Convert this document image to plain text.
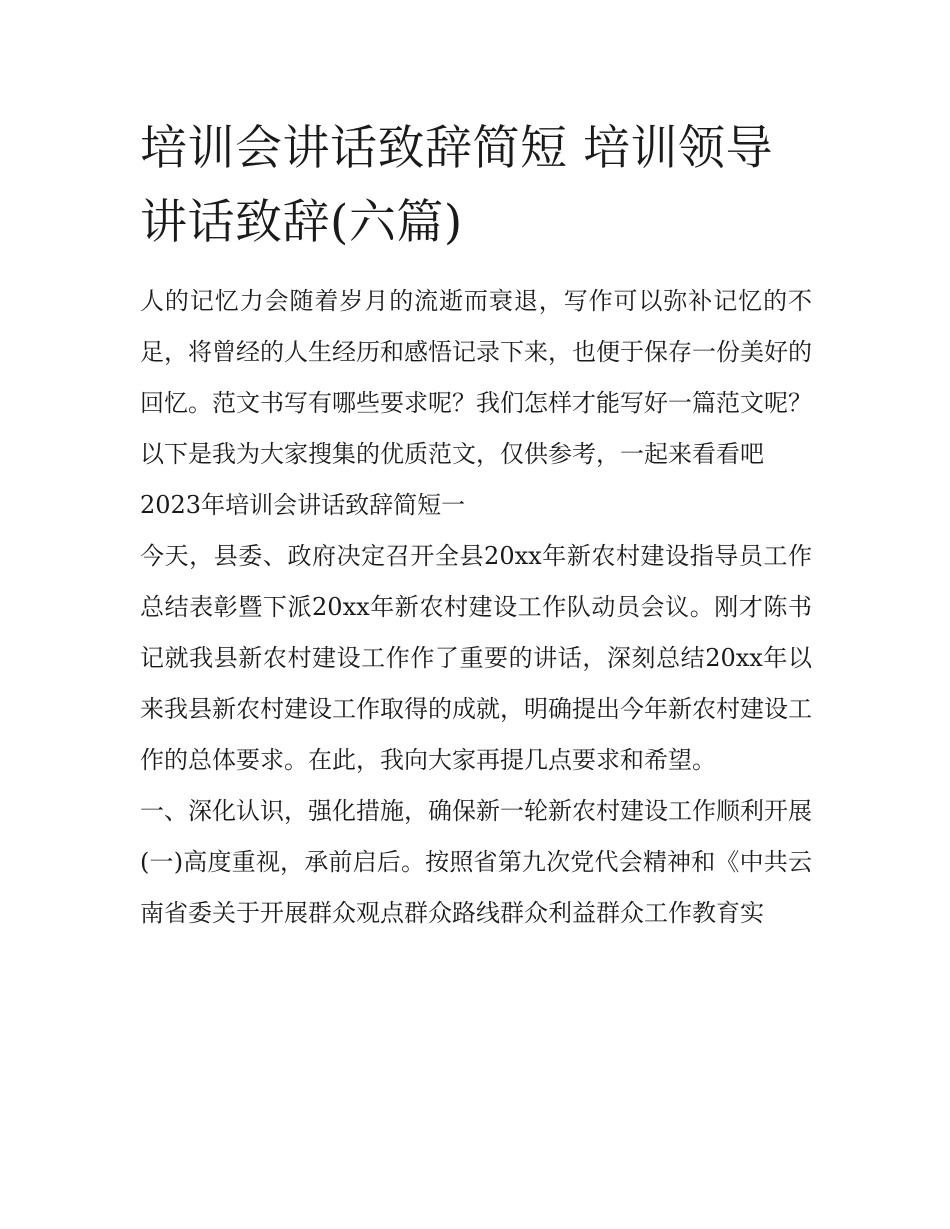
培训会讲话致辞简短 培训领导讲话致辞(六篇)

人的记忆力会随着岁月的流逝而衰退，写作可以弥补记忆的不足，将曾经的人生经历和感悟记录下来，也便于保存一份美好的回忆。范文书写有哪些要求呢？我们怎样才能写好一篇范文呢？以下是我为大家搜集的优质范文，仅供参考，一起来看看吧

2023年培训会讲话致辞简短一

今天，县委、政府决定召开全县20xx年新农村建设指导员工作总结表彰暨下派20xx年新农村建设工作队动员会议。刚才陈书记就我县新农村建设工作作了重要的讲话，深刻总结20xx年以来我县新农村建设工作取得的成就，明确提出今年新农村建设工作的总体要求。在此，我向大家再提几点要求和希望。

一、深化认识，强化措施，确保新一轮新农村建设工作顺利开展

(一)高度重视，承前启后。按照省第九次党代会精神和《中共云南省委关于开展群众观点群众路线群众利益群众工作教育实
